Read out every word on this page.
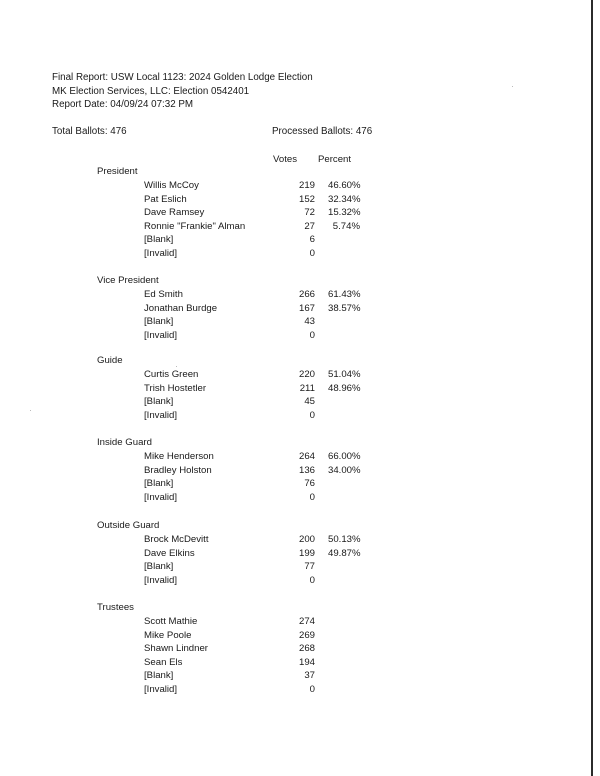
Final Report: USW Local 1123: 2024 Golden Lodge Election
MK Election Services, LLC: Election 0542401
Report Date: 04/09/24 07:32 PM
Total Ballots: 476	Processed Ballots: 476
Votes Percent
President
Willis McCoy	219 46.60%
Pat Eslich	152 32.34%
Dave Ramsey	72 15.32%
Ronnie "Frankie" Alman	27	5.74%
[Blank]	6
[Invalid]	0
Vice President
Ed Smith	266 61.43%
Jonathan Burdge	167 38.57%
[Blank]	43
[Invalid]	0
Guide
Curtis Green	220 51.04%
Trish Hostetler	211 48.96%
[Blank]	45
[Invalid]	0
Inside Guard
Mike Henderson	264 66.00%
Bradley Holston	136 34.00%
[Blank]	76
[Invalid]	0
Outside Guard
Brock McDevitt	200 50.13%
Dave Elkins	199 49.87%
[Blank]	77
[Invalid]	0
Trustees
Scott Mathie	274
Mike Poole	269
Shawn Lindner	268
Sean Els	194
[Blank]	37
[Invalid]	0
